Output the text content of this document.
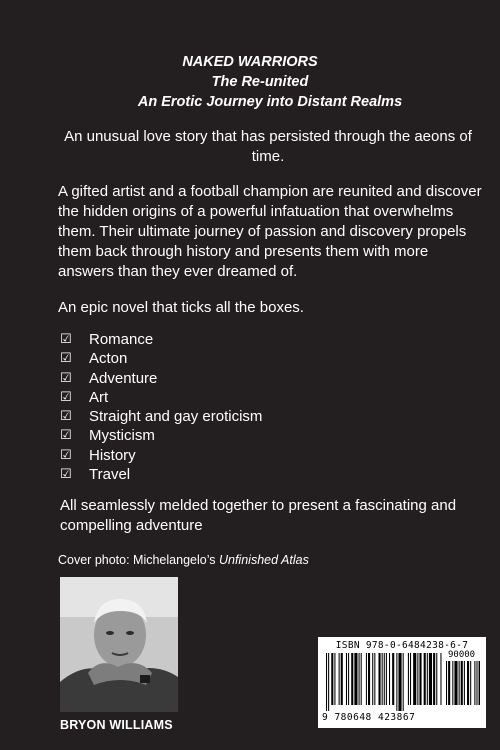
NAKED WARRIORS
The Re-united
An Erotic Journey into Distant Realms
An unusual love story that has persisted through the aeons of time.
A gifted artist and a football champion are reunited and discover the hidden origins of a powerful infatuation that overwhelms them. Their ultimate journey of passion and discovery propels them back through history and presents them with more answers than they ever dreamed of.
An epic novel that ticks all the boxes.
☑	Romance
☑	Acton
☑	Adventure
☑	Art
☑	Straight and gay eroticism
☑	Mysticism
☑	History
☑	Travel
All seamlessly melded together to present a fascinating and compelling adventure
Cover photo: Michelangelo’s Unfinished Atlas
BRYON WILLIAMS
ISBN 978-0-6484238-6-7
90000
9 780648 423867
